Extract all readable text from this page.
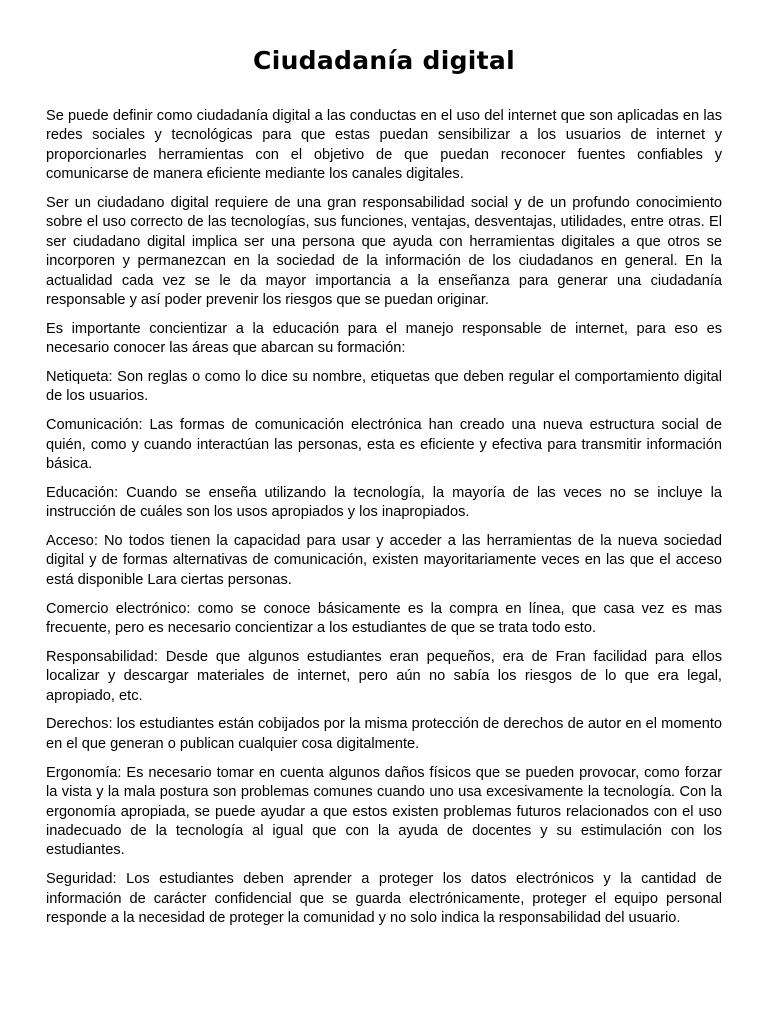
Ciudadanía digital

Se puede definir como ciudadanía digital a las conductas en el uso del internet que son aplicadas en las redes sociales y tecnológicas para que estas puedan sensibilizar a los usuarios de internet y proporcionarles herramientas con el objetivo de que puedan reconocer fuentes confiables y comunicarse de manera eficiente mediante los canales digitales.

Ser un ciudadano digital requiere de una gran responsabilidad social y de un profundo conocimiento sobre el uso correcto de las tecnologías, sus funciones, ventajas, desventajas, utilidades, entre otras. El ser ciudadano digital implica ser una persona que ayuda con herramientas digitales a que otros se incorporen y permanezcan en la sociedad de la información de los ciudadanos en general. En la actualidad cada vez se le da mayor importancia a la enseñanza para generar una ciudadanía responsable y así poder prevenir los riesgos que se puedan originar.

Es importante concientizar a la educación para el manejo responsable de internet, para eso es necesario conocer las áreas que abarcan su formación:

Netiqueta: Son reglas o como lo dice su nombre, etiquetas que deben regular el comportamiento digital de los usuarios.

Comunicación: Las formas de comunicación electrónica han creado una nueva estructura social de quién, como y cuando interactúan las personas, esta es eficiente y efectiva para transmitir información básica.

Educación: Cuando se enseña utilizando la tecnología, la mayoría de las veces no se incluye la instrucción de cuáles son los usos apropiados y los inapropiados.

Acceso: No todos tienen la capacidad para usar y acceder a las herramientas de la nueva sociedad digital y de formas alternativas de comunicación, existen mayoritariamente veces en las que el acceso está disponible Lara ciertas personas.

Comercio electrónico: como se conoce básicamente es la compra en línea, que casa vez es mas frecuente, pero es necesario concientizar a los estudiantes de que se trata todo esto.

Responsabilidad: Desde que algunos estudiantes eran pequeños, era de Fran facilidad para ellos localizar y descargar materiales de internet, pero aún no sabía los riesgos de lo que era legal, apropiado, etc.

Derechos: los estudiantes están cobijados por la misma protección de derechos de autor en el momento en el que generan o publican cualquier cosa digitalmente.

Ergonomía: Es necesario tomar en cuenta algunos daños físicos que se pueden provocar, como forzar la vista y la mala postura son problemas comunes cuando uno usa excesivamente la tecnología. Con la ergonomía apropiada, se puede ayudar a que estos existen problemas futuros relacionados con el uso inadecuado de la tecnología al igual que con la ayuda de docentes y su estimulación con los estudiantes.

Seguridad: Los estudiantes deben aprender a proteger los datos electrónicos y la cantidad de información de carácter confidencial que se guarda electrónicamente, proteger el equipo personal responde a la necesidad de proteger la comunidad y no solo indica la responsabilidad del usuario.
